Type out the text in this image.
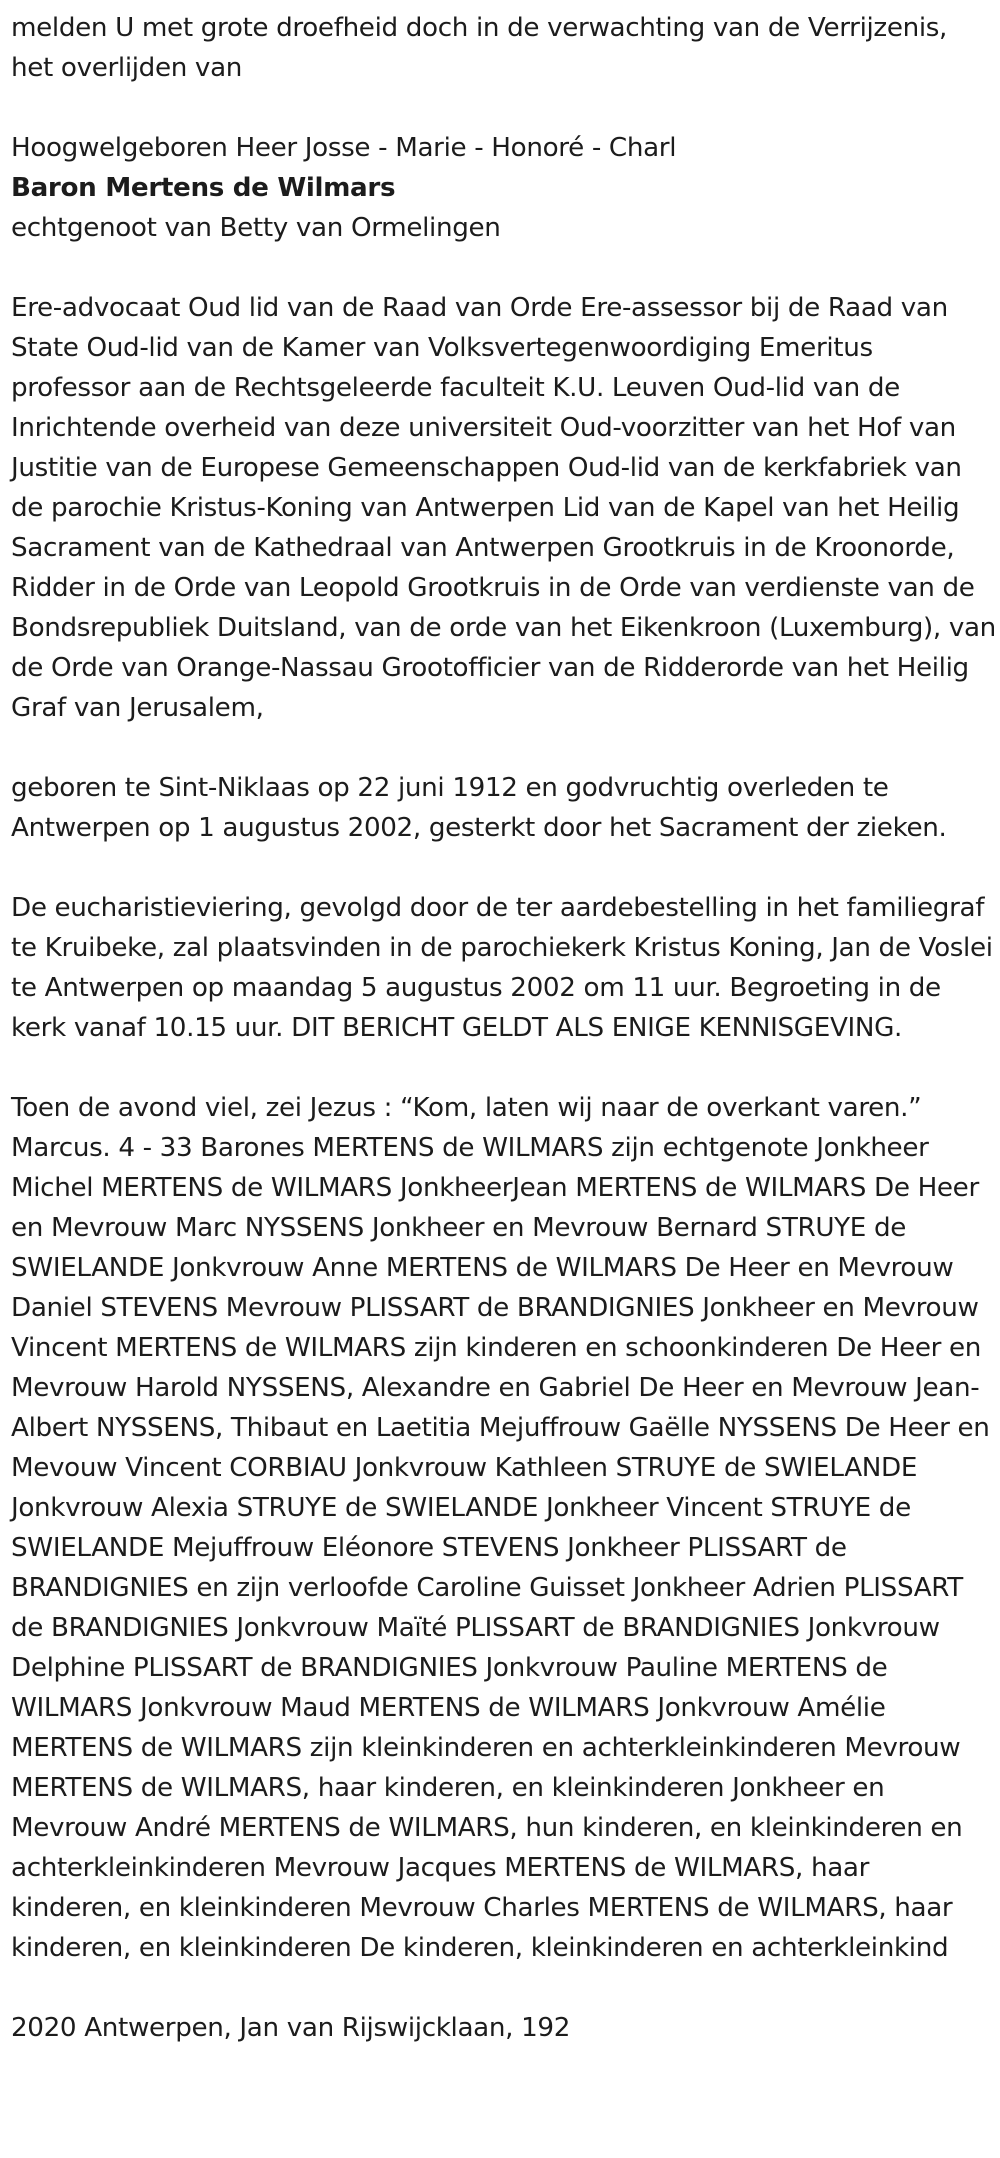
melden U met grote droefheid doch in de verwachting van de Verrijzenis, het overlijden van

Hoogwelgeboren Heer Josse - Marie - Honoré - Charl

Baron Mertens de Wilmars

echtgenoot van Betty van Ormelingen

Ere-advocaat Oud lid van de Raad van Orde Ere-assessor bij de Raad van State Oud-lid van de Kamer van Volksvertegenwoordiging Emeritus professor aan de Rechtsgeleerde faculteit K.U. Leuven Oud-lid van de Inrichtende overheid van deze universiteit Oud-voorzitter van het Hof van Justitie van de Europese Gemeenschappen Oud-lid van de kerkfabriek van de parochie Kristus-Koning van Antwerpen Lid van de Kapel van het Heilig Sacrament van de Kathedraal van Antwerpen Grootkruis in de Kroonorde, Ridder in de Orde van Leopold Grootkruis in de Orde van verdienste van de Bondsrepubliek Duitsland, van de orde van het Eikenkroon (Luxemburg), van de Orde van Orange-Nassau Grootofficier van de Ridderorde van het Heilig Graf van Jerusalem,

geboren te Sint-Niklaas op 22 juni 1912 en godvruchtig overleden te Antwerpen op 1 augustus 2002, gesterkt door het Sacrament der zieken.

De eucharistieviering, gevolgd door de ter aardebestelling in het familiegraf te Kruibeke, zal plaatsvinden in de parochiekerk Kristus Koning, Jan de Voslei te Antwerpen op maandag 5 augustus 2002 om 11 uur. Begroeting in de kerk vanaf 10.15 uur. DIT BERICHT GELDT ALS ENIGE KENNISGEVING.

Toen de avond viel, zei Jezus : “Kom, laten wij naar de overkant varen.” Marcus. 4 - 33 Barones MERTENS de WILMARS zijn echtgenote Jonkheer Michel MERTENS de WILMARS JonkheerJean MERTENS de WILMARS De Heer en Mevrouw Marc NYSSENS Jonkheer en Mevrouw Bernard STRUYE de SWIELANDE Jonkvrouw Anne MERTENS de WILMARS De Heer en Mevrouw Daniel STEVENS Mevrouw PLISSART de BRANDIGNIES Jonkheer en Mevrouw Vincent MERTENS de WILMARS zijn kinderen en schoonkinderen De Heer en Mevrouw Harold NYSSENS, Alexandre en Gabriel De Heer en Mevrouw Jean-Albert NYSSENS, Thibaut en Laetitia Mejuffrouw Gaëlle NYSSENS De Heer en Mevouw Vincent CORBIAU Jonkvrouw Kathleen STRUYE de SWIELANDE Jonkvrouw Alexia STRUYE de SWIELANDE Jonkheer Vincent STRUYE de SWIELANDE Mejuffrouw Eléonore STEVENS Jonkheer PLISSART de BRANDIGNIES en zijn verloofde Caroline Guisset Jonkheer Adrien PLISSART de BRANDIGNIES Jonkvrouw Maïté PLISSART de BRANDIGNIES Jonkvrouw Delphine PLISSART de BRANDIGNIES Jonkvrouw Pauline MERTENS de WILMARS Jonkvrouw Maud MERTENS de WILMARS Jonkvrouw Amélie MERTENS de WILMARS zijn kleinkinderen en achterkleinkinderen Mevrouw MERTENS de WILMARS, haar kinderen, en kleinkinderen Jonkheer en Mevrouw André MERTENS de WILMARS, hun kinderen, en kleinkinderen en achterkleinkinderen Mevrouw Jacques MERTENS de WILMARS, haar kinderen, en kleinkinderen Mevrouw Charles MERTENS de WILMARS, haar kinderen, en kleinkinderen De kinderen, kleinkinderen en achterkleinkind

2020 Antwerpen, Jan van Rijswijcklaan, 192
